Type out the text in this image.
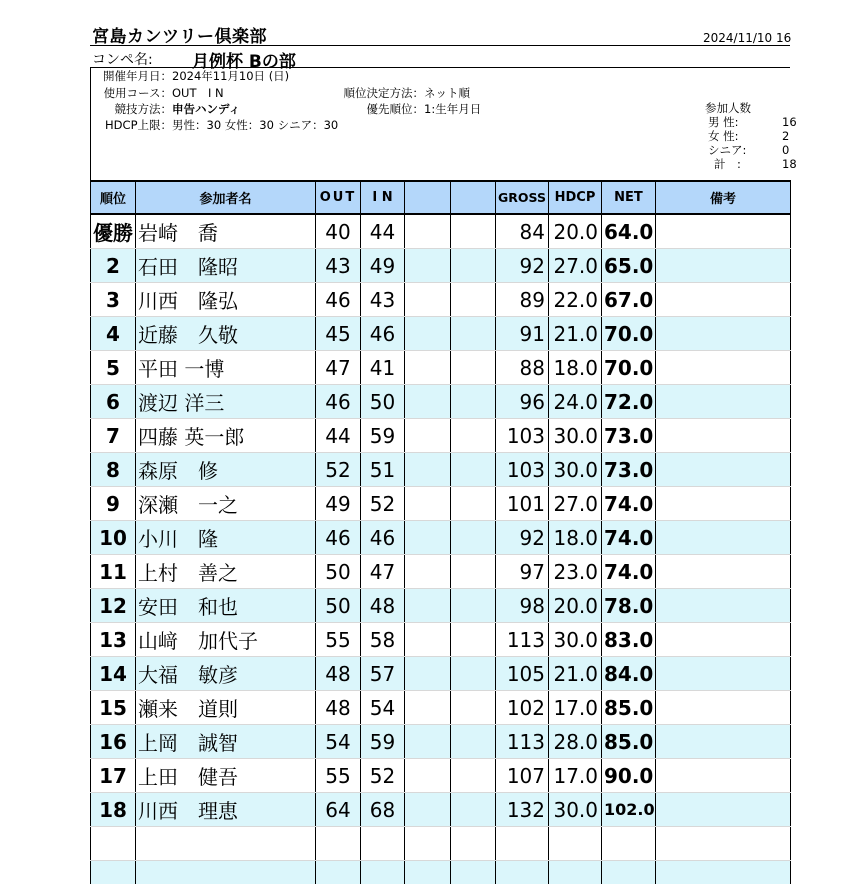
宮島カンツリー倶楽部	2024/11/10 16
コンペ名: 月例杯 Bの部
開催年月日：2024年11月10日 (日)
使用コース：OUT　I N
競技方法：申告ハンディ
HDCP上限：男性：30 女性：30 シニア：30
順位決定方法：ネット順
優先順位：1:生年月日	参加人数
男 性:	16
女 性:	2
シニア:	0
計　:	18
順位	参加者名	OUT	I N			GROSS	HDCP	NET	備考
優勝	岩崎　喬	40	44			84	20.0	64.0	
2	石田　隆昭	43	49			92	27.0	65.0	
3	川西　隆弘	46	43			89	22.0	67.0	
4	近藤　久敬	45	46			91	21.0	70.0	
5	平田 一博	47	41			88	18.0	70.0	
6	渡辺 洋三	46	50			96	24.0	72.0	
7	四藤 英一郎	44	59			103	30.0	73.0	
8	森原　修	52	51			103	30.0	73.0	
9	深瀬　一之	49	52			101	27.0	74.0	
10	小川　隆	46	46			92	18.0	74.0	
11	上村　善之	50	47			97	23.0	74.0	
12	安田　和也	50	48			98	20.0	78.0	
13	山﨑　加代子	55	58			113	30.0	83.0	
14	大福　敏彦	48	57			105	21.0	84.0	
15	瀬来　道則	48	54			102	17.0	85.0	
16	上岡　誠智	54	59			113	28.0	85.0	
17	上田　健吾	55	52			107	17.0	90.0	
18	川西　理恵	64	68			132	30.0	102.0	
